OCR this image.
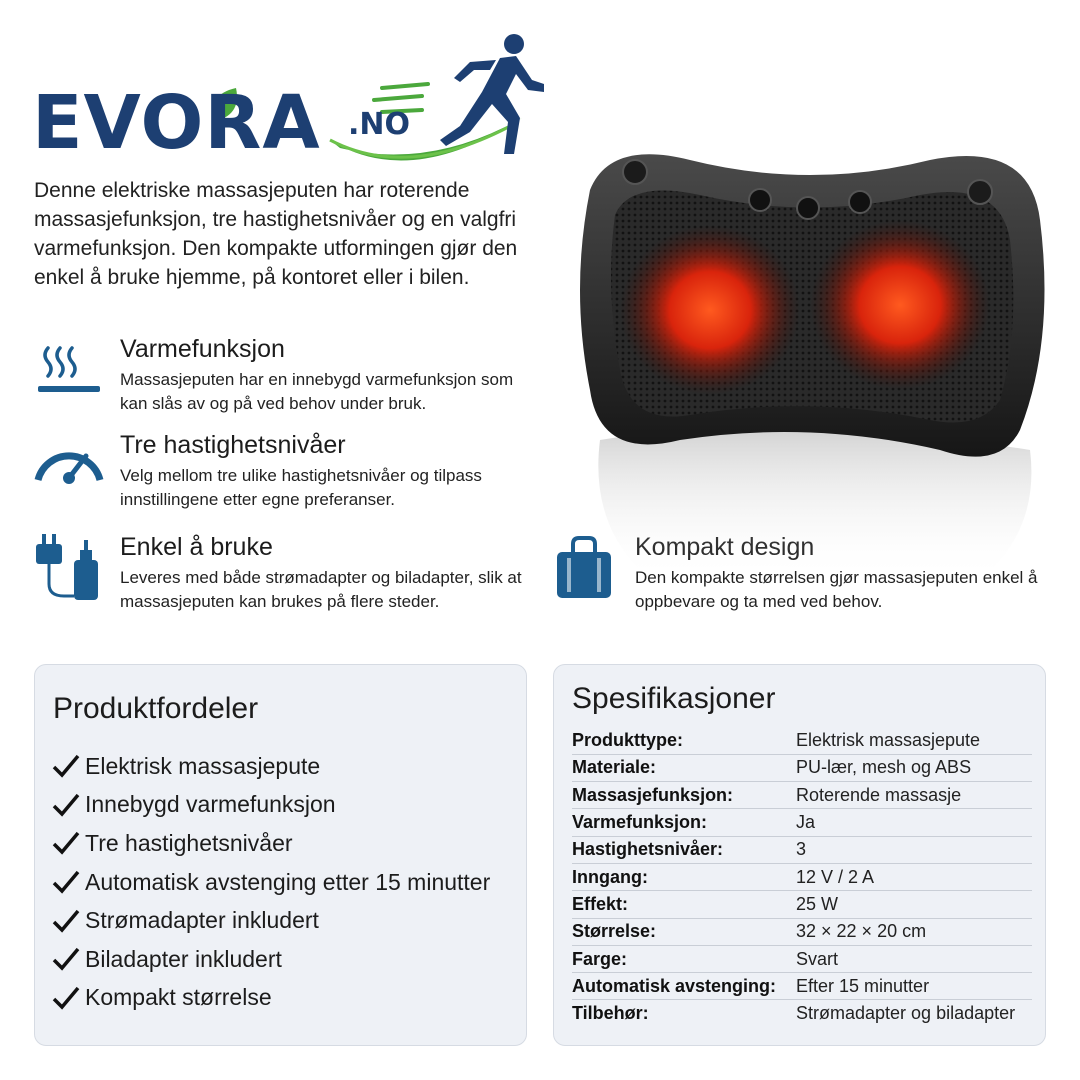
EVORA .NO

Denne elektriske massasjeputen har roterende massasjefunksjon, tre hastighetsnivåer og en valgfri varmefunksjon. Den kompakte utformingen gjør den enkel å bruke hjemme, på kontoret eller i bilen.

Varmefunksjon
Massasjeputen har en innebygd varmefunksjon som kan slås av og på ved behov under bruk.
Tre hastighetsnivåer
Velg mellom tre ulike hastighetsnivåer og tilpass innstillingene etter egne preferanser.
Enkel å bruke
Leveres med både strømadapter og biladapter, slik at massasjeputen kan brukes på flere steder.
Den kompakte størrelsen gjør massasjeputen enkel å oppbevare og ta med ved behov.
Produktfordeler
Elektrisk massasjepute
Innebygd varmefunksjon
Tre hastighetsnivåer
Automatisk avstenging etter 15 minutter
Strømadapter inkludert
Biladapter inkludert
Kompakt størrelse
Spesifikasjoner
Produkttype:	Elektrisk massasjepute
Materiale:	PU-lær, mesh og ABS
Massasjefunksjon:	Roterende massasje
Varmefunksjon:	Ja
Hastighetsnivåer:	3
Inngang:	12 V / 2 A
Effekt:	25 W
Størrelse:	32 × 22 × 20 cm
Farge:	Svart
Automatisk avstenging:	Efter 15 minutter
Tilbehør:	Strømadapter og biladapter
